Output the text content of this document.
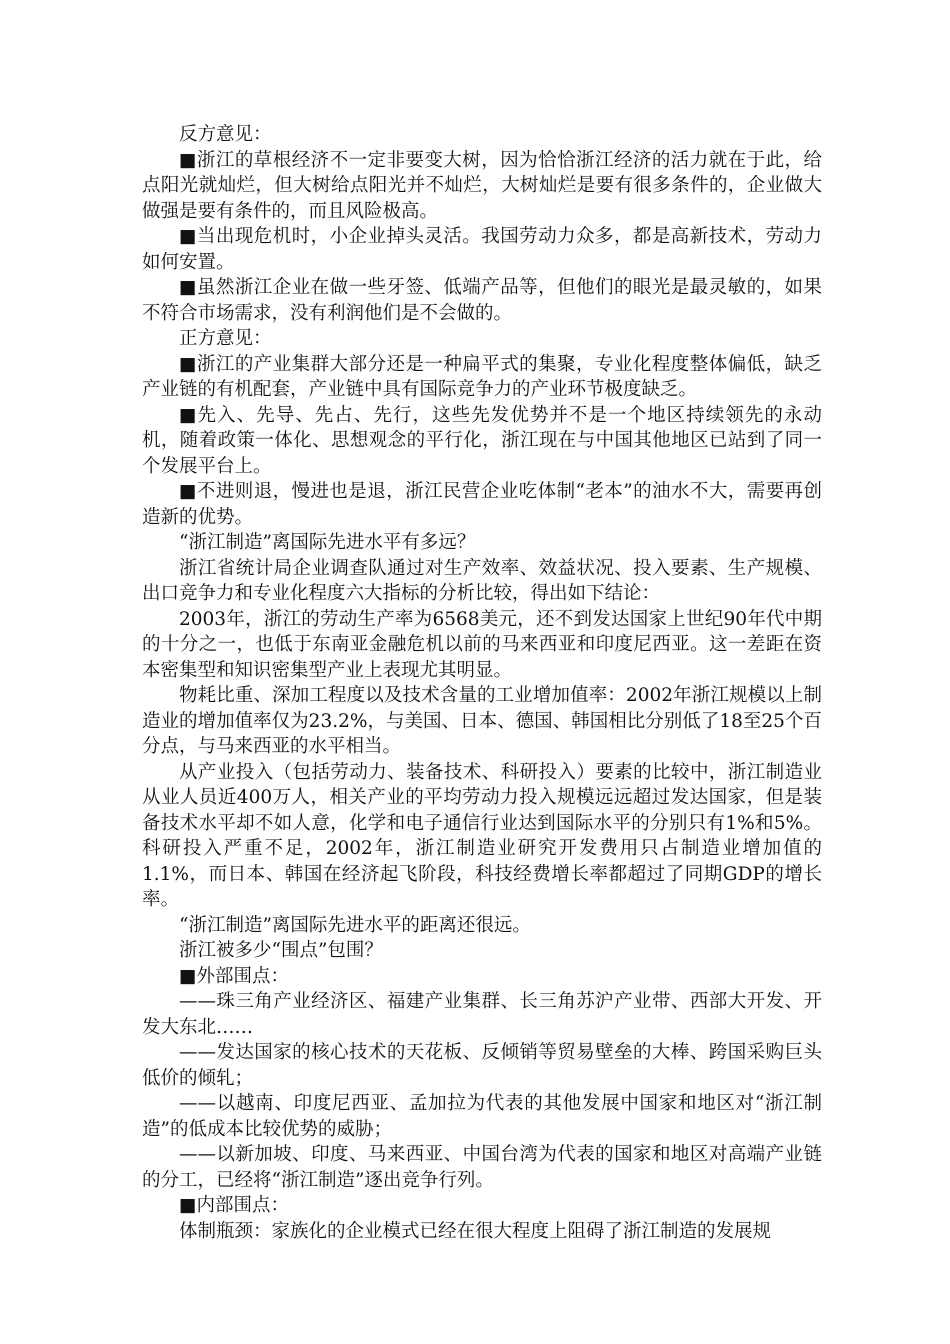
反方意见：

■浙江的草根经济不一定非要变大树，因为恰恰浙江经济的活力就在于此，给点阳光就灿烂，但大树给点阳光并不灿烂，大树灿烂是要有很多条件的，企业做大做强是要有条件的，而且风险极高。

■当出现危机时，小企业掉头灵活。我国劳动力众多，都是高新技术，劳动力如何安置。

■虽然浙江企业在做一些牙签、低端产品等，但他们的眼光是最灵敏的，如果不符合市场需求，没有利润他们是不会做的。

正方意见：

■浙江的产业集群大部分还是一种扁平式的集聚，专业化程度整体偏低，缺乏产业链的有机配套，产业链中具有国际竞争力的产业环节极度缺乏。

■先入、先导、先占、先行，这些先发优势并不是一个地区持续领先的永动机，随着政策一体化、思想观念的平行化，浙江现在与中国其他地区已站到了同一个发展平台上。

■不进则退，慢进也是退，浙江民营企业吃体制“老本”的油水不大，需要再创造新的优势。

“浙江制造”离国际先进水平有多远？

浙江省统计局企业调查队通过对生产效率、效益状况、投入要素、生产规模、出口竞争力和专业化程度六大指标的分析比较，得出如下结论：

2003年，浙江的劳动生产率为6568美元，还不到发达国家上世纪90年代中期的十分之一，也低于东南亚金融危机以前的马来西亚和印度尼西亚。这一差距在资本密集型和知识密集型产业上表现尤其明显。

物耗比重、深加工程度以及技术含量的工业增加值率：2002年浙江规模以上制造业的增加值率仅为23.2%，与美国、日本、德国、韩国相比分别低了18至25个百分点，与马来西亚的水平相当。

从产业投入（包括劳动力、装备技术、科研投入）要素的比较中，浙江制造业从业人员近400万人，相关产业的平均劳动力投入规模远远超过发达国家，但是装备技术水平却不如人意，化学和电子通信行业达到国际水平的分别只有1%和5%。科研投入严重不足，2002年，浙江制造业研究开发费用只占制造业增加值的1.1%，而日本、韩国在经济起飞阶段，科技经费增长率都超过了同期GDP的增长率。

“浙江制造”离国际先进水平的距离还很远。

浙江被多少“围点”包围？

■外部围点：

——珠三角产业经济区、福建产业集群、长三角苏沪产业带、西部大开发、开发大东北……

——发达国家的核心技术的天花板、反倾销等贸易壁垒的大棒、跨国采购巨头低价的倾轧；

——以越南、印度尼西亚、孟加拉为代表的其他发展中国家和地区对“浙江制造”的低成本比较优势的威胁；

——以新加坡、印度、马来西亚、中国台湾为代表的国家和地区对高端产业链的分工，已经将“浙江制造”逐出竞争行列。

■内部围点：

体制瓶颈：家族化的企业模式已经在很大程度上阻碍了浙江制造的发展规
